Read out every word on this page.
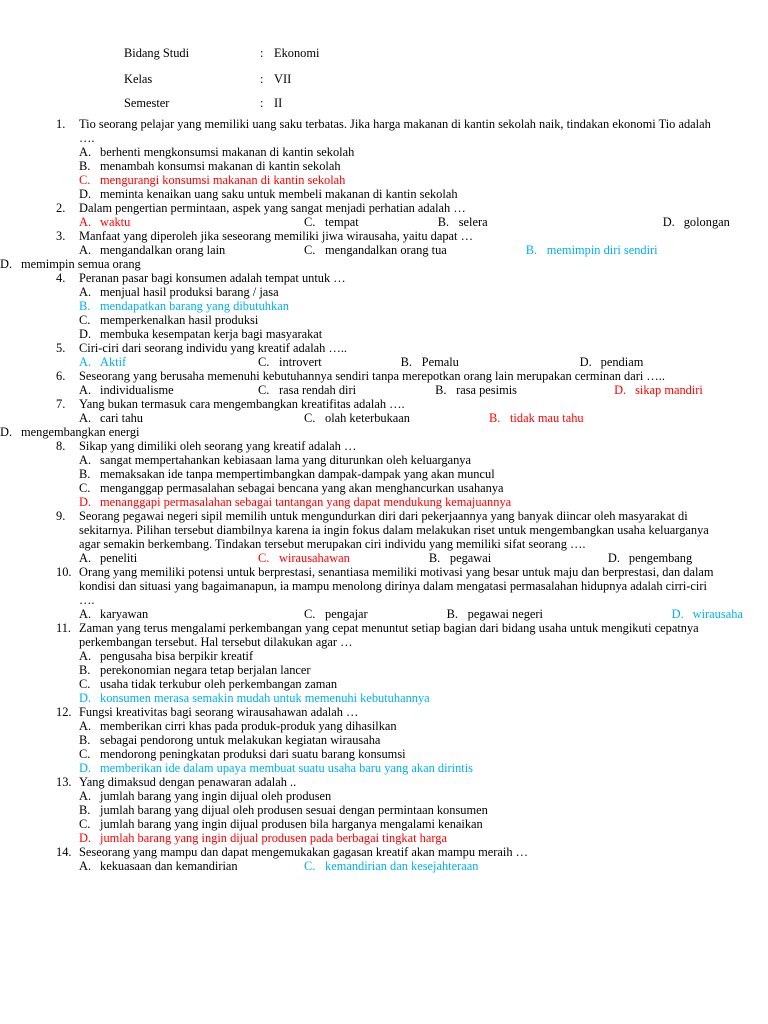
Bidang Studi	: Ekonomi
Kelas	: VII
Semester	: II
1. Tio seorang pelajar yang memiliki uang saku terbatas. Jika harga makanan di kantin sekolah naik, tindakan ekonomi Tio adalah ….
A. berhenti mengkonsumsi makanan di kantin sekolah
B. menambah konsumsi makanan di kantin sekolah
C. mengurangi konsumsi makanan di kantin sekolah
D. meminta kenaikan uang saku untuk membeli makanan di kantin sekolah
2. Dalam pengertian permintaan, aspek yang sangat menjadi perhatian adalah …
A. waktu	C. tempat	B. selera	D. golongan
3. Manfaat yang diperoleh jika seseorang memiliki jiwa wirausaha, yaitu dapat …
A. mengandalkan orang lain	C. mengandalkan orang tua	B. memimpin diri sendiri
D. memimpin semua orang
4. Peranan pasar bagi konsumen adalah tempat untuk …
A. menjual hasil produksi barang / jasa
B. mendapatkan barang yang dibutuhkan
C. memperkenalkan hasil produksi
D. membuka kesempatan kerja bagi masyarakat
5. Ciri-ciri dari seorang individu yang kreatif adalah …..
A. Aktif	C. introvert	B. Pemalu	D. pendiam
6. Seseorang yang berusaha memenuhi kebutuhannya sendiri tanpa merepotkan orang lain merupakan cerminan dari …..
A. individualisme	C. rasa rendah diri	B. rasa pesimis	D. sikap mandiri
7. Yang bukan termasuk cara mengembangkan kreatifitas adalah ….
A. cari tahu	C. olah keterbukaan	B. tidak mau tahu
D. mengembangkan energi
8. Sikap yang dimiliki oleh seorang yang kreatif adalah …
A. sangat mempertahankan kebiasaan lama yang diturunkan oleh keluarganya
B. memaksakan ide tanpa mempertimbangkan dampak-dampak yang akan muncul
C. menganggap permasalahan sebagai bencana yang akan menghancurkan usahanya
D. menanggapi permasalahan sebagai tantangan yang dapat mendukung kemajuannya
9. Seorang pegawai negeri sipil memilih untuk mengundurkan diri dari pekerjaannya yang banyak diincar oleh masyarakat di sekitarnya. Pilihan tersebut diambilnya karena ia ingin fokus dalam melakukan riset untuk mengembangkan usaha keluarganya agar semakin berkembang. Tindakan tersebut merupakan ciri individu yang memiliki sifat seorang ….
A. peneliti	C. wirausahawan	B. pegawai	D. pengembang
10. Orang yang memiliki potensi untuk berprestasi, senantiasa memiliki motivasi yang besar untuk maju dan berprestasi, dan dalam kondisi dan situasi yang bagaimanapun, ia mampu menolong dirinya dalam mengatasi permasalahan hidupnya adalah cirri-ciri ….
A. karyawan	C. pengajar	B. pegawai negeri	D. wirausaha
11. Zaman yang terus mengalami perkembangan yang cepat menuntut setiap bagian dari bidang usaha untuk mengikuti cepatnya perkembangan tersebut. Hal tersebut dilakukan agar …
A. pengusaha bisa berpikir kreatif
B. perekonomian negara tetap berjalan lancer
C. usaha tidak terkubur oleh perkembangan zaman
D. konsumen merasa semakin mudah untuk memenuhi kebutuhannya
12. Fungsi kreativitas bagi seorang wirausahawan adalah …
A. memberikan cirri khas pada produk-produk yang dihasilkan
B. sebagai pendorong untuk melakukan kegiatan wirausaha
C. mendorong peningkatan produksi dari suatu barang konsumsi
D. memberikan ide dalam upaya membuat suatu usaha baru yang akan dirintis
13. Yang dimaksud dengan penawaran adalah ..
A. jumlah barang yang ingin dijual oleh produsen
B. jumlah barang yang dijual oleh produsen sesuai dengan permintaan konsumen
C. jumlah barang yang ingin dijual produsen bila harganya mengalami kenaikan
D. jumlah barang yang ingin dijual produsen pada berbagai tingkat harga
14. Seseorang yang mampu dan dapat mengemukakan gagasan kreatif akan mampu meraih …
A. kekuasaan dan kemandirian	C. kemandirian dan kesejahteraan
